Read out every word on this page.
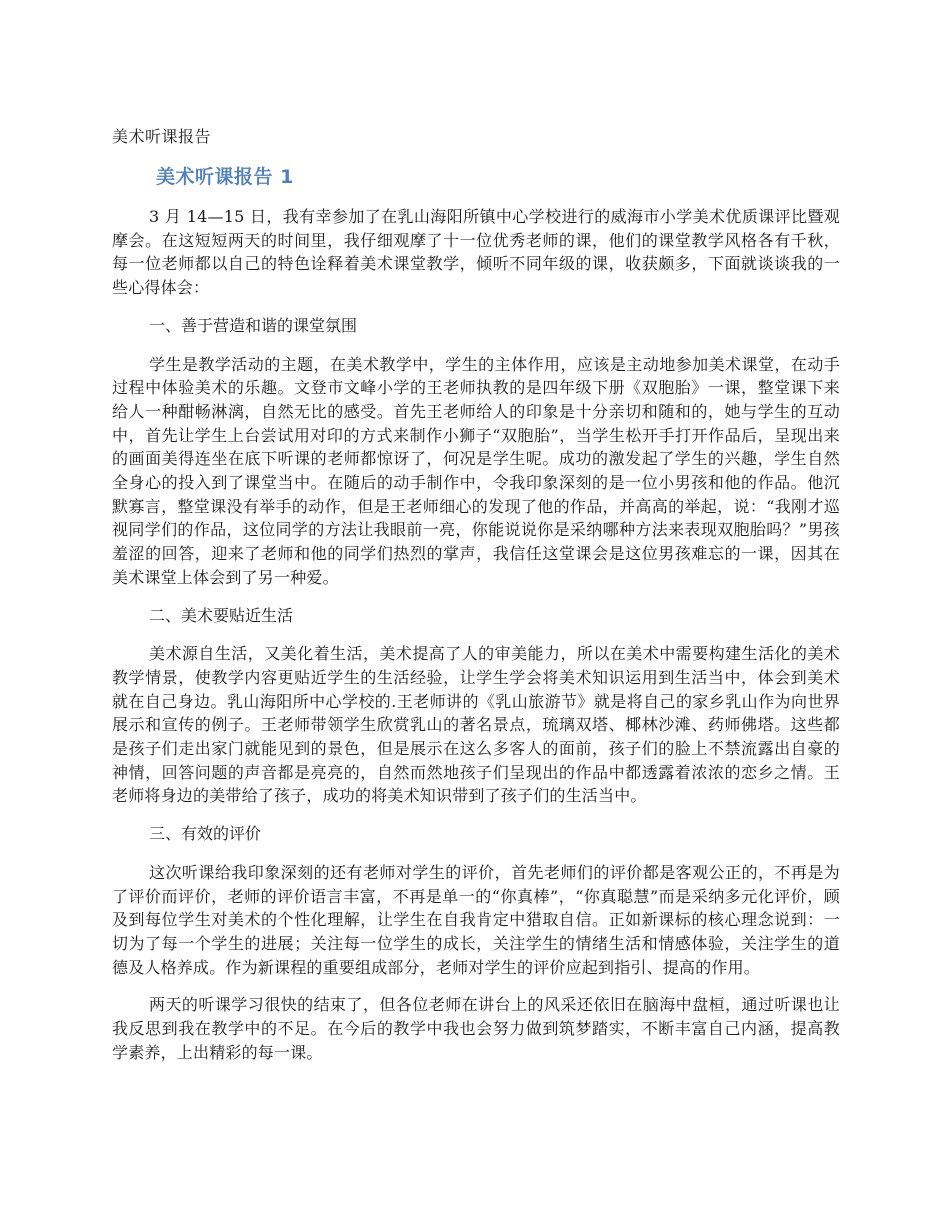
美术听课报告
美术听课报告 1

3 月 14—15 日，我有幸参加了在乳山海阳所镇中心学校进行的威海市小学美术优质课评比暨观摩会。在这短短两天的时间里，我仔细观摩了十一位优秀老师的课，他们的课堂教学风格各有千秋，每一位老师都以自己的特色诠释着美术课堂教学，倾听不同年级的课，收获颇多，下面就谈谈我的一些心得体会：

一、善于营造和谐的课堂氛围

学生是教学活动的主题，在美术教学中，学生的主体作用，应该是主动地参加美术课堂，在动手过程中体验美术的乐趣。文登市文峰小学的王老师执教的是四年级下册《双胞胎》一课，整堂课下来给人一种酣畅淋漓，自然无比的感受。首先王老师给人的印象是十分亲切和随和的，她与学生的互动中，首先让学生上台尝试用对印的方式来制作小狮子“双胞胎”，当学生松开手打开作品后，呈现出来的画面美得连坐在底下听课的老师都惊讶了，何况是学生呢。成功的激发起了学生的兴趣，学生自然全身心的投入到了课堂当中。在随后的动手制作中，令我印象深刻的是一位小男孩和他的作品。他沉默寡言，整堂课没有举手的动作，但是王老师细心的发现了他的作品，并高高的举起，说：“我刚才巡视同学们的作品，这位同学的方法让我眼前一亮，你能说说你是采纳哪种方法来表现双胞胎吗？”男孩羞涩的回答，迎来了老师和他的同学们热烈的掌声，我信任这堂课会是这位男孩难忘的一课，因其在美术课堂上体会到了另一种爱。

二、美术要贴近生活

美术源自生活，又美化着生活，美术提高了人的审美能力，所以在美术中需要构建生活化的美术教学情景，使教学内容更贴近学生的生活经验，让学生学会将美术知识运用到生活当中，体会到美术就在自己身边。乳山海阳所中心学校的.王老师讲的《乳山旅游节》就是将自己的家乡乳山作为向世界展示和宣传的例子。王老师带领学生欣赏乳山的著名景点，琉璃双塔、椰林沙滩、药师佛塔。这些都是孩子们走出家门就能见到的景色，但是展示在这么多客人的面前，孩子们的脸上不禁流露出自豪的神情，回答问题的声音都是亮亮的，自然而然地孩子们呈现出的作品中都透露着浓浓的恋乡之情。王老师将身边的美带给了孩子，成功的将美术知识带到了孩子们的生活当中。

三、有效的评价

这次听课给我印象深刻的还有老师对学生的评价，首先老师们的评价都是客观公正的，不再是为了评价而评价，老师的评价语言丰富，不再是单一的“你真棒”，“你真聪慧”而是采纳多元化评价，顾及到每位学生对美术的个性化理解，让学生在自我肯定中猎取自信。正如新课标的核心理念说到：一切为了每一个学生的进展；关注每一位学生的成长，关注学生的情绪生活和情感体验，关注学生的道德及人格养成。作为新课程的重要组成部分，老师对学生的评价应起到指引、提高的作用。

两天的听课学习很快的结束了，但各位老师在讲台上的风采还依旧在脑海中盘桓，通过听课也让我反思到我在教学中的不足。在今后的教学中我也会努力做到筑梦踏实，不断丰富自己内涵，提高教学素养，上出精彩的每一课。
